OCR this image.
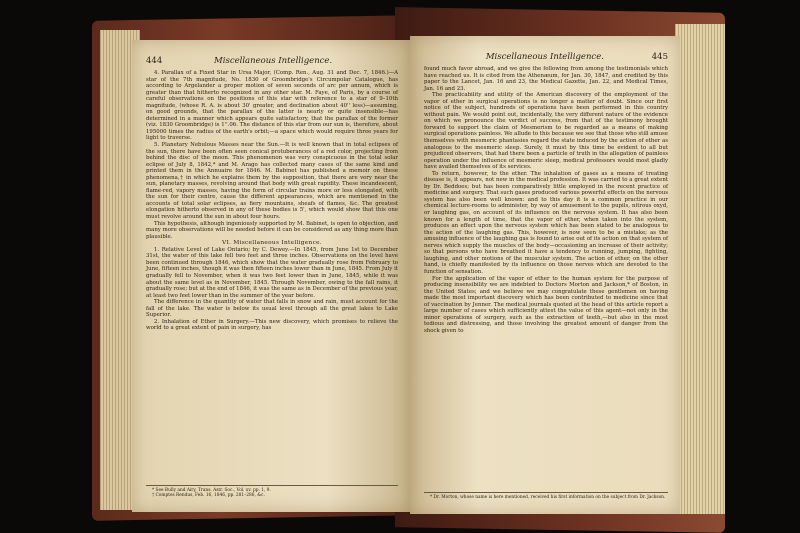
444	Miscellaneous Intelligence.

4. Parallax of a Fixed Star in Ursa Major, (Comp. Ren., Aug. 31 and Dec. 7, 1846.)—A star of the 7th magnitude, No. 1830 of Groombridge's Circumpolar Catalogue, has according to Argelander a proper motion of seven seconds of arc per annum, which is greater than that hitherto recognized in any other star. M. Faye, of Paris, by a course of careful observations on the positions of this star with reference to a star of 9–10th magnitude, (whose R. A. is about 30' greater, and declination about 40'' less)—assuming, on good grounds, that the parallax of the latter is nearly or quite insensible—has determined in a manner which appears quite satisfactory, that the parallax of the former (viz. 1830 Groombridge) is 1''.06. The distance of this star from our sun is, therefore, about 195000 times the radius of the earth's orbit;—a space which would require three years for light to traverse.

5. Planetary Nebulous Masses near the Sun.—It is well known that in total eclipses of the sun, there have been often seen conical protuberances of a red color, projecting from behind the disc of the moon. This phenomenon was very conspicuous in the total solar eclipse of July 8, 1842,* and M. Arago has collected many cases of the same kind and printed them in the Annuaire for 1846. M. Babinet has published a memoir on these phenomena,† in which he explains them by the supposition, that there are very near the sun, planetary masses, revolving around that body with great rapidity. These incandescent, flame-red, vapory masses, having the form of circular trains more or less elongated, with the sun for their centre, cause the different appearances, which are mentioned in the accounts of total solar eclipses, as fiery mountains, sheafs of flames, &c. The greatest elongation hitherto observed in any of these bodies is 5', which would show that this one must revolve around the sun in about four hours.

This hypothesis, although ingeniously supported by M. Babinet, is open to objection, and many more observations will be needed before it can be considered as any thing more than plausible.

VI. Miscellaneous Intelligence.

1. Relative Level of Lake Ontario; by C. Dewey.—In 1845, from June 1st to December 31st, the water of this lake fell two feet and three inches. Observations on the level have been continued through 1846, which show that the water gradually rose from February to June, fifteen inches, though it was then fifteen inches lower than in June, 1845. From July it gradually fell to November, when it was two feet lower than in June, 1845, while it was about the same level as in November, 1845. Through November, owing to the fall rains, it gradually rose; but at the end of 1846, it was the same as in December of the previous year, at least two feet lower than in the summer of the year before.

The difference in the quantity of water that falls in snow and rain, must account for the fall of the lake. The water is below its usual level through all the great lakes to Lake Superior.

2. Inhalation of Ether in Surgery.—This new discovery, which promises to relieve the world to a great extent of pain in surgery, has

* See Bully and Airy, Trans. Astr. Soc., Vol. xv. pp. 1, 9.
† Comptes Rendus, Feb. 16, 1846, pp. 281–286, &c.
Miscellaneous Intelligence.	445

found much favor abroad, and we give the following from among the testimonials which have reached us. It is cited from the Athenæum, for Jan. 30, 1847, and credited by this paper to the Lancet, Jan. 16 and 23, the Medical Gazette, Jan. 22, and Medical Times, Jan. 16 and 23.

The practicability and utility of the American discovery of the employment of the vapor of ether in surgical operations is no longer a matter of doubt. Since our first notice of the subject, hundreds of operations have been performed in this country without pain. We would point out, incidentally, the very different nature of the evidence on which we pronounce the verdict of success, from that of the testimony brought forward to support the claim of Mesmerism to be regarded as a means of making surgical operations painless. We allude to this because we see that those who still amuse themselves with mesmeric phantasies regard the state induced by the action of ether as analogous to the mesmeric sleep. Surely, it must by this time be evident to all but prejudiced observers, that had there been a particle of truth in the allegation of painless operation under the influence of mesmeric sleep, medical professors would most gladly have availed themselves of its services.

To return, however, to the ether. The inhalation of gases as a means of treating disease is, it appears, not new in the medical profession. It was carried to a great extent by Dr. Beddoes; but has been comparatively little employed in the recent practice of medicine and surgery. That such gases produced various powerful effects on the nervous system has also been well known: and to this day it is a common practice in our chemical lecture-rooms to administer, by way of amusement to the pupils, nitrous oxyd, or laughing gas, on account of its influence on the nervous system. It has also been known for a length of time, that the vapor of ether, when taken into the system, produces an effect upon the nervous system which has been stated to be analogous to the action of the laughing gas. This, however, is now seen to be a mistake; as the amusing influence of the laughing gas is found to arise out of its action on that system of nerves which supply the muscles of the body—occasioning an increase of their activity; so that persons who have breathed it have a tendency to running, jumping, fighting, laughing, and other motions of the muscular system. The action of ether, on the other hand, is chiefly manifested by its influence on those nerves which are devoted to the function of sensation.

For the application of the vapor of ether to the human system for the purpose of producing insensibility we are indebted to Doctors Morton and Jackson,* of Boston, in the United States; and we believe we may congratulate these gentlemen on having made the most important discovery which has been contributed to medicine since that of vaccination by Jenner. The medical journals quoted at the head of this article report a large number of cases which sufficiently attest the value of this agent—not only in the minor operations of surgery, such as the extraction of teeth,—but also in the most tedious and distressing, and those involving the greatest amount of danger from the shock given to

* Dr. Morton, whose name is here mentioned, received his first information on the subject from Dr. Jackson.
